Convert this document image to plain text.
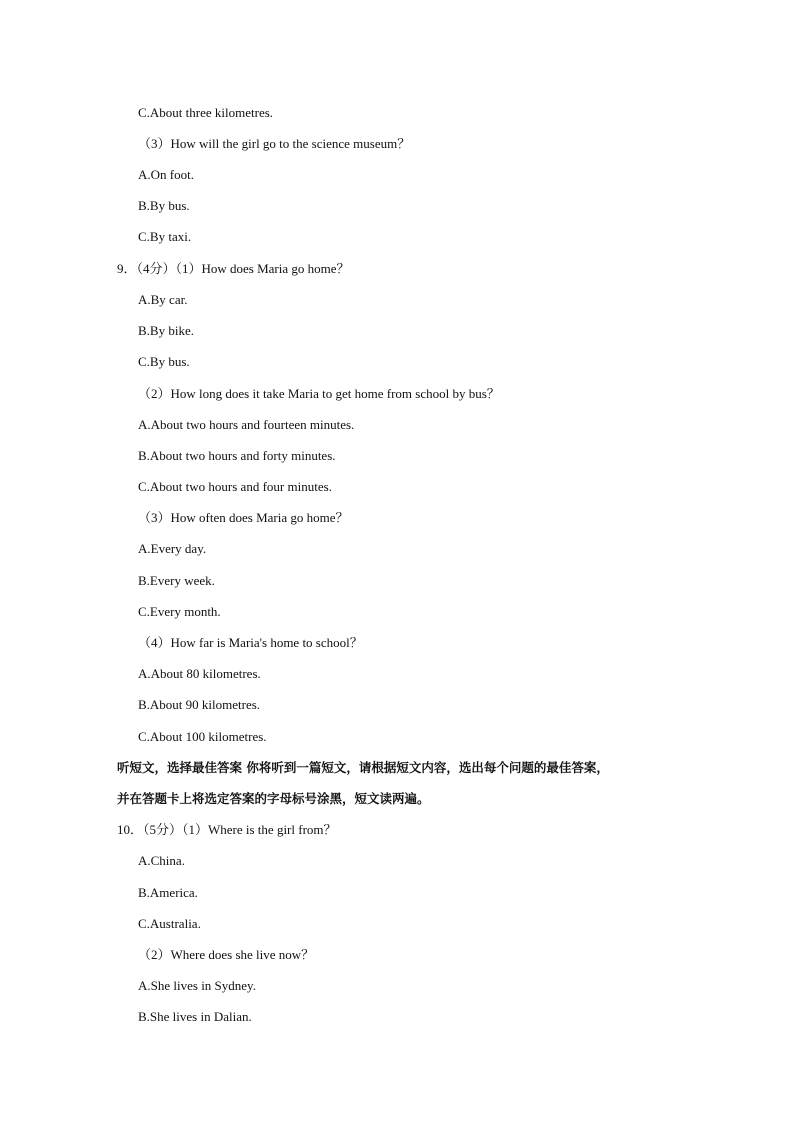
C.About three kilometres.
（3）How will the girl go to the science museum？
A.On foot.
B.By bus.
C.By taxi.
9．（4分）（1）How does Maria go home？
A.By car.
B.By bike.
C.By bus.
（2）How long does it take Maria to get home from school by bus？
A.About two hours and fourteen minutes.
B.About two hours and forty minutes.
C.About two hours and four minutes.
（3）How often does Maria go home？
A.Every day.
B.Every week.
C.Every month.
（4）How far is Maria's home to school？
A.About 80 kilometres.
B.About 90 kilometres.
C.About 100 kilometres.
听短文，选择最佳答案 你将听到一篇短文，请根据短文内容，选出每个问题的最佳答案，
并在答题卡上将选定答案的字母标号涂黑，短文读两遍。
10．（5分）（1）Where is the girl from？
A.China.
B.America.
C.Australia.
（2）Where does she live now？
A.She lives in Sydney.
B.She lives in Dalian.
